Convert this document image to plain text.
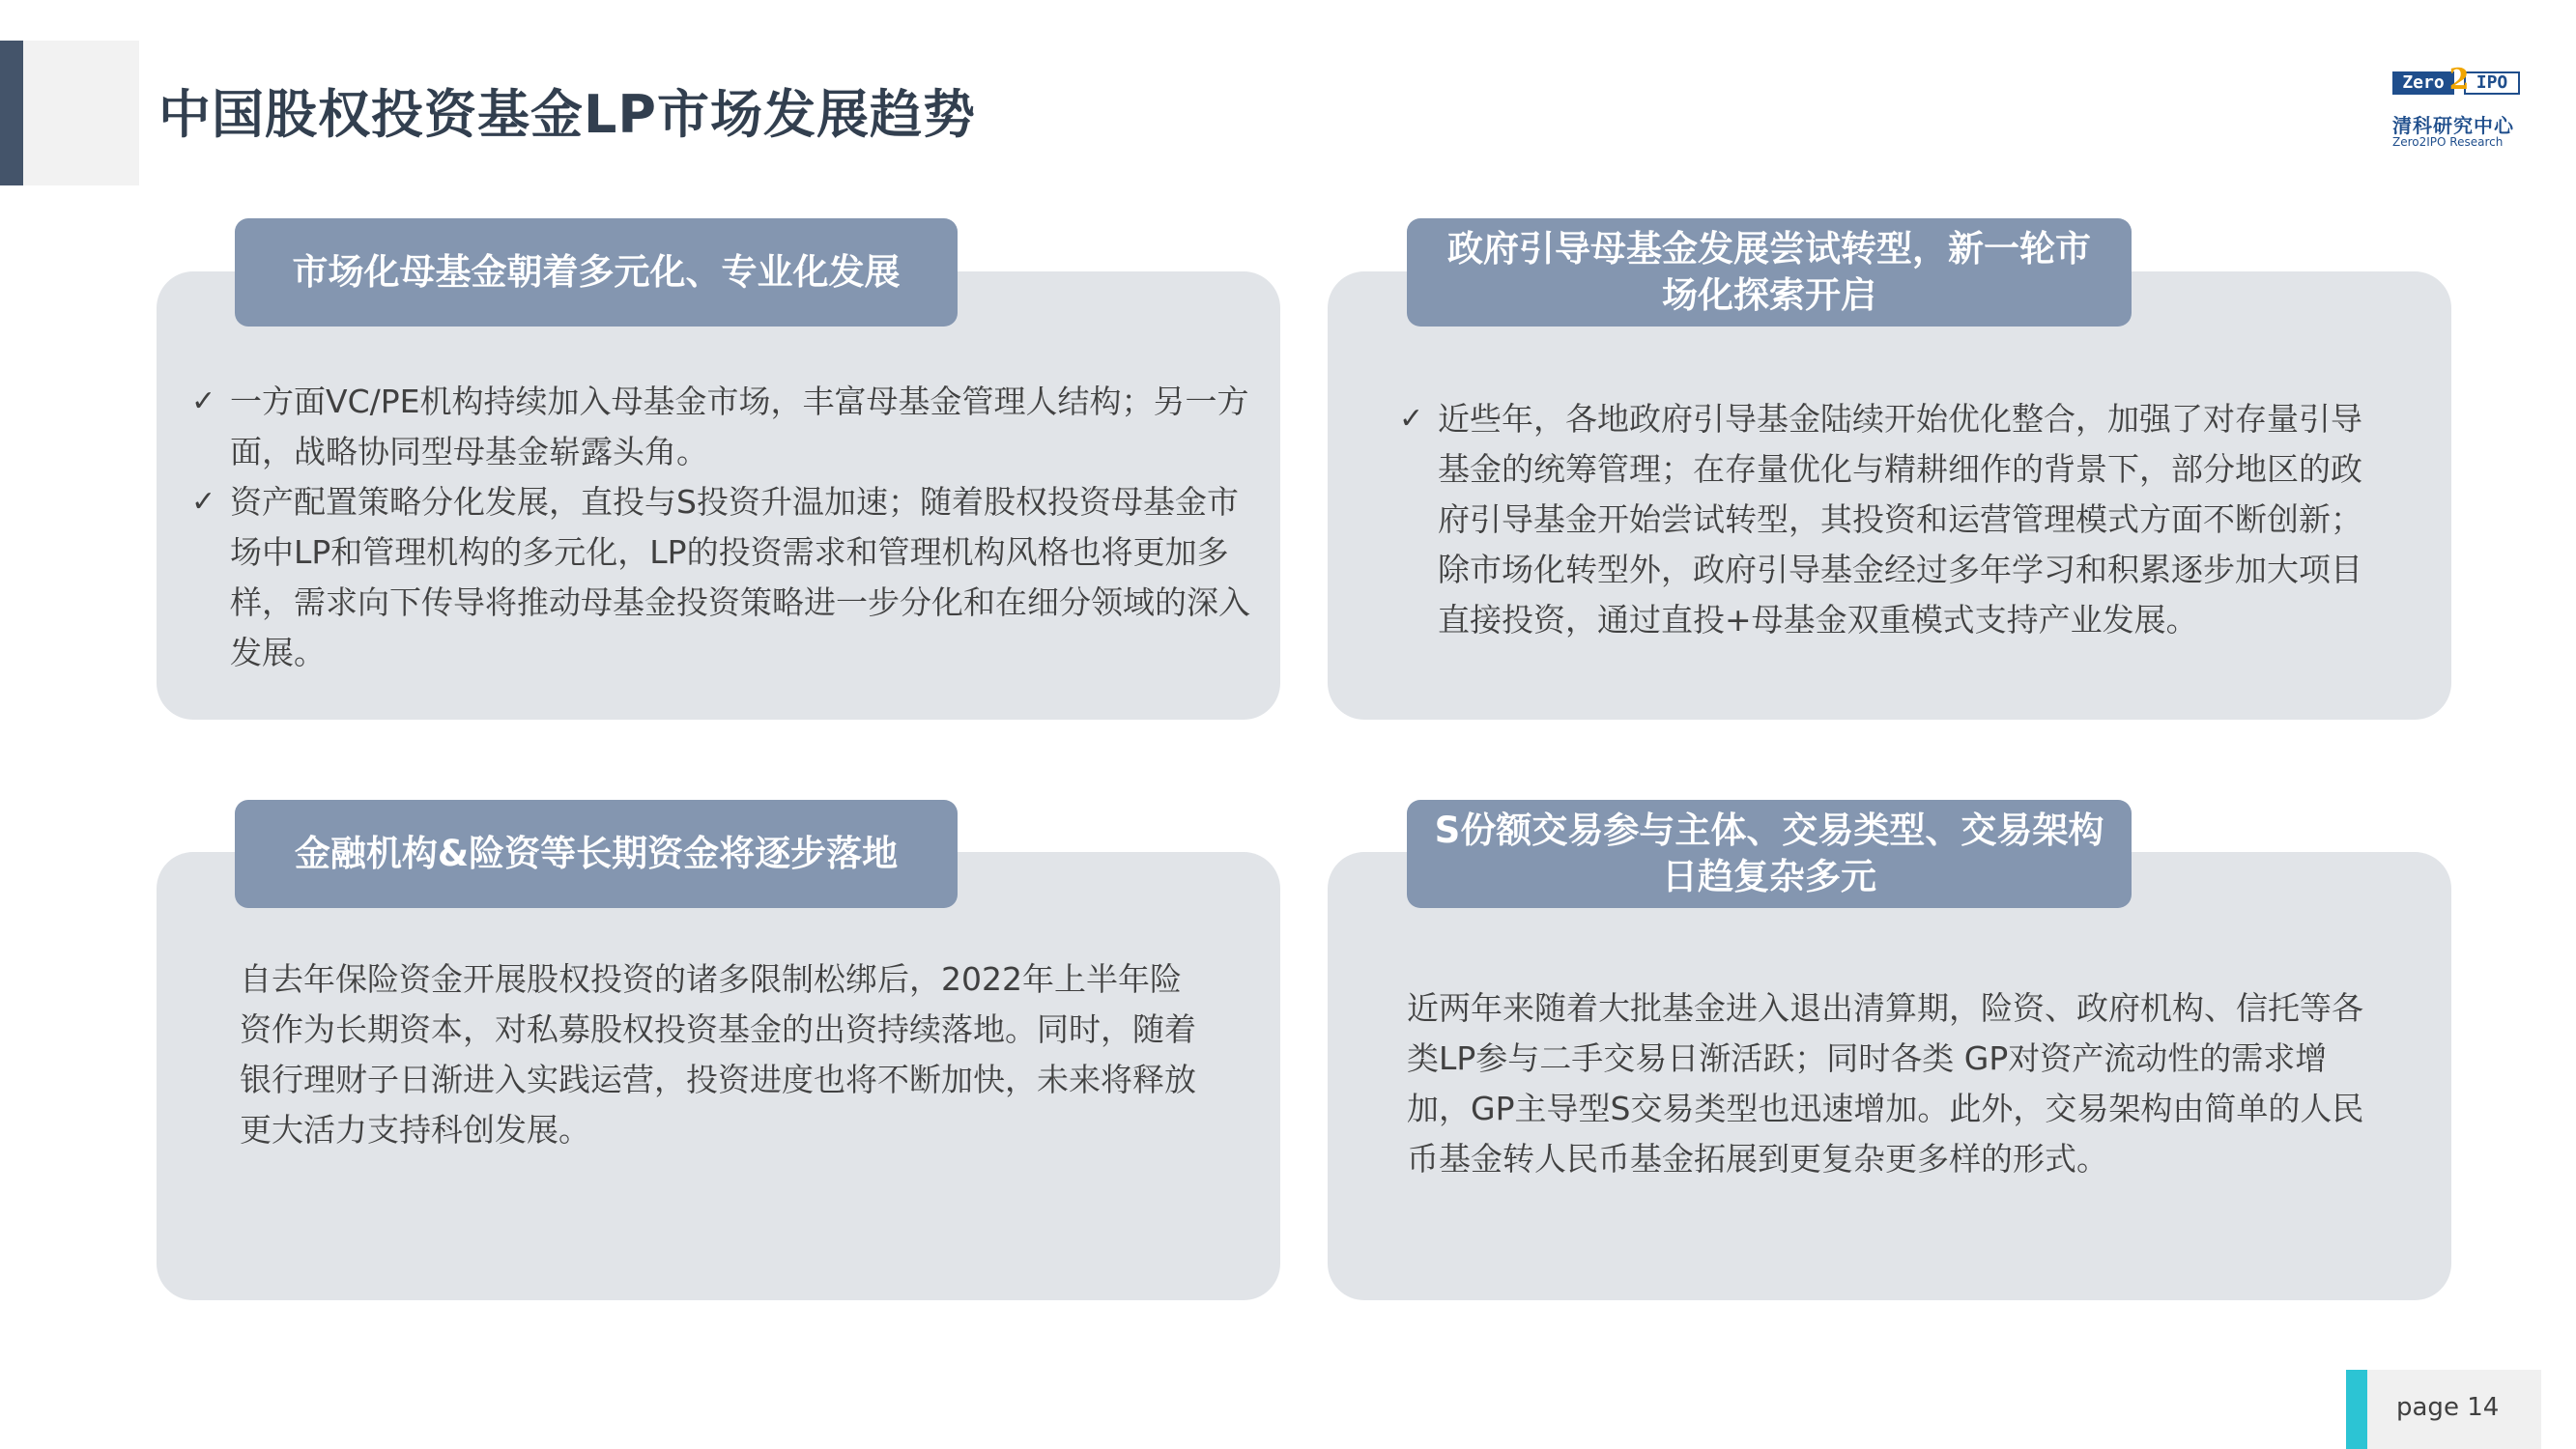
中国股权投资基金LP市场发展趋势
Zero	IPO
2
清科研究中心
Zero2IPO Research
市场化母基金朝着多元化、专业化发展
✓ 一方面VC/PE机构持续加入母基金市场，丰富母基金管理人结构；另一方面，战略协同型母基金崭露头角。
✓ 资产配置策略分化发展，直投与S投资升温加速；随着股权投资母基金市场中LP和管理机构的多元化，LP的投资需求和管理机构风格也将更加多样，需求向下传导将推动母基金投资策略进一步分化和在细分领域的深入发展。
政府引导母基金发展尝试转型，新一轮市场化探索开启
✓ 近些年，各地政府引导基金陆续开始优化整合，加强了对存量引导基金的统筹管理；在存量优化与精耕细作的背景下，部分地区的政府引导基金开始尝试转型，其投资和运营管理模式方面不断创新；除市场化转型外，政府引导基金经过多年学习和积累逐步加大项目直接投资，通过直投+母基金双重模式支持产业发展。
金融机构&险资等长期资金将逐步落地

自去年保险资金开展股权投资的诸多限制松绑后，2022年上半年险资作为长期资本，对私募股权投资基金的出资持续落地。同时，随着银行理财子日渐进入实践运营，投资进度也将不断加快，未来将释放更大活力支持科创发展。

S份额交易参与主体、交易类型、交易架构日趋复杂多元

近两年来随着大批基金进入退出清算期，险资、政府机构、信托等各类LP参与二手交易日渐活跃；同时各类 GP对资产流动性的需求增加，GP主导型S交易类型也迅速增加。此外，交易架构由简单的人民币基金转人民币基金拓展到更复杂更多样的形式。

page 14
